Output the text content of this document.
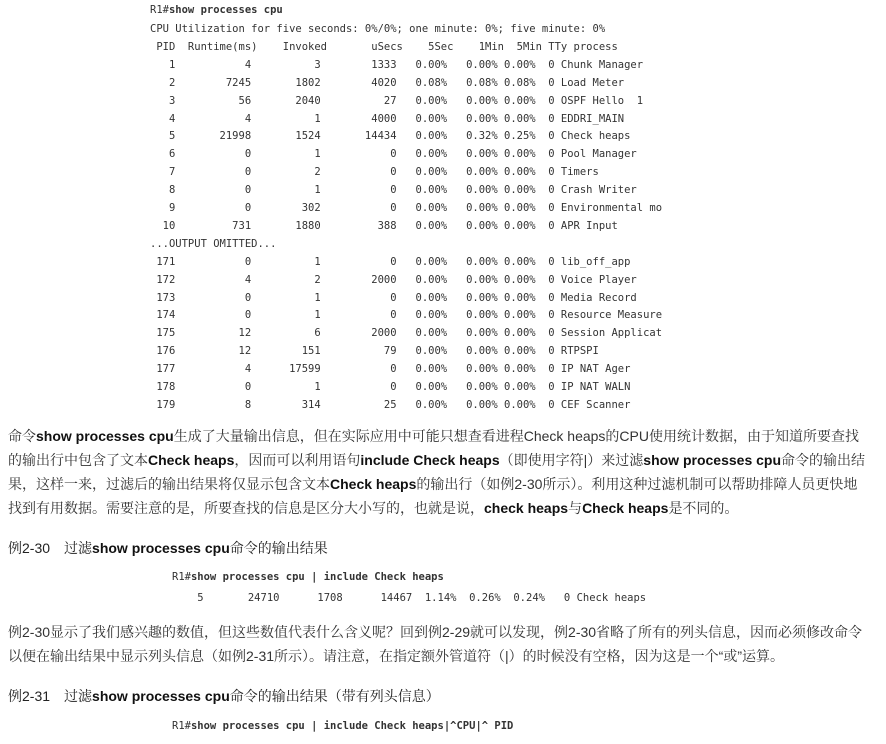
R1#show processes cpu

CPU Utilization for five seconds: 0%/0%; one minute: 0%; five minute: 0%
PID  Runtime(ms)    Invoked       uSecs    5Sec    1Min  5Min TTy process
1           4          3        1333   0.00%   0.00% 0.00%  0 Chunk Manager
2        7245       1802        4020   0.08%   0.08% 0.08%  0 Load Meter
3          56       2040          27   0.00%   0.00% 0.00%  0 OSPF Hello  1
4           4          1        4000   0.00%   0.00% 0.00%  0 EDDRI_MAIN
5       21998       1524       14434   0.00%   0.32% 0.25%  0 Check heaps
6           0          1           0   0.00%   0.00% 0.00%  0 Pool Manager
7           0          2           0   0.00%   0.00% 0.00%  0 Timers
8           0          1           0   0.00%   0.00% 0.00%  0 Crash Writer
9           0        302           0   0.00%   0.00% 0.00%  0 Environmental mo
10         731       1880         388   0.00%   0.00% 0.00%  0 APR Input
...OUTPUT OMITTED...
171           0          1           0   0.00%   0.00% 0.00%  0 lib_off_app
172           4          2        2000   0.00%   0.00% 0.00%  0 Voice Player
173           0          1           0   0.00%   0.00% 0.00%  0 Media Record
174           0          1           0   0.00%   0.00% 0.00%  0 Resource Measure
175          12          6        2000   0.00%   0.00% 0.00%  0 Session Applicat
176          12        151          79   0.00%   0.00% 0.00%  0 RTPSPI
177           4      17599           0   0.00%   0.00% 0.00%  0 IP NAT Ager
178           0          1           0   0.00%   0.00% 0.00%  0 IP NAT WALN
179           8        314          25   0.00%   0.00% 0.00%  0 CEF Scanner

命令show processes cpu生成了大量输出信息，但在实际应用中可能只想查看进程Check heaps的CPU使用统计数据，由于知道所要查找的输出行中包含了文本Check heaps，因而可以利用语句include Check heaps（即使用字符|）来过滤show processes cpu命令的输出结果，这样一来，过滤后的输出结果将仅显示包含文本Check heaps的输出行（如例2-30所示）。利用这种过滤机制可以帮助排障人员更快地找到有用数据。需要注意的是，所要查找的信息是区分大小写的，也就是说，check heaps与Check heaps是不同的。
例2-30 过滤show processes cpu命令的输出结果

R1#show processes cpu | include Check heaps

5       24710      1708      14467  1.14%  0.26%  0.24%   0 Check heaps

例2-30显示了我们感兴趣的数值，但这些数值代表什么含义呢？回到例2-29就可以发现，例2-30省略了所有的列头信息，因而必须修改命令以便在输出结果中显示列头信息（如例2-31所示）。请注意，在指定额外管道符（|）的时候没有空格，因为这是一个“或”运算。
例2-31 过滤show processes cpu命令的输出结果（带有列头信息）

R1#show processes cpu | include Check heaps|^CPU|^ PID
